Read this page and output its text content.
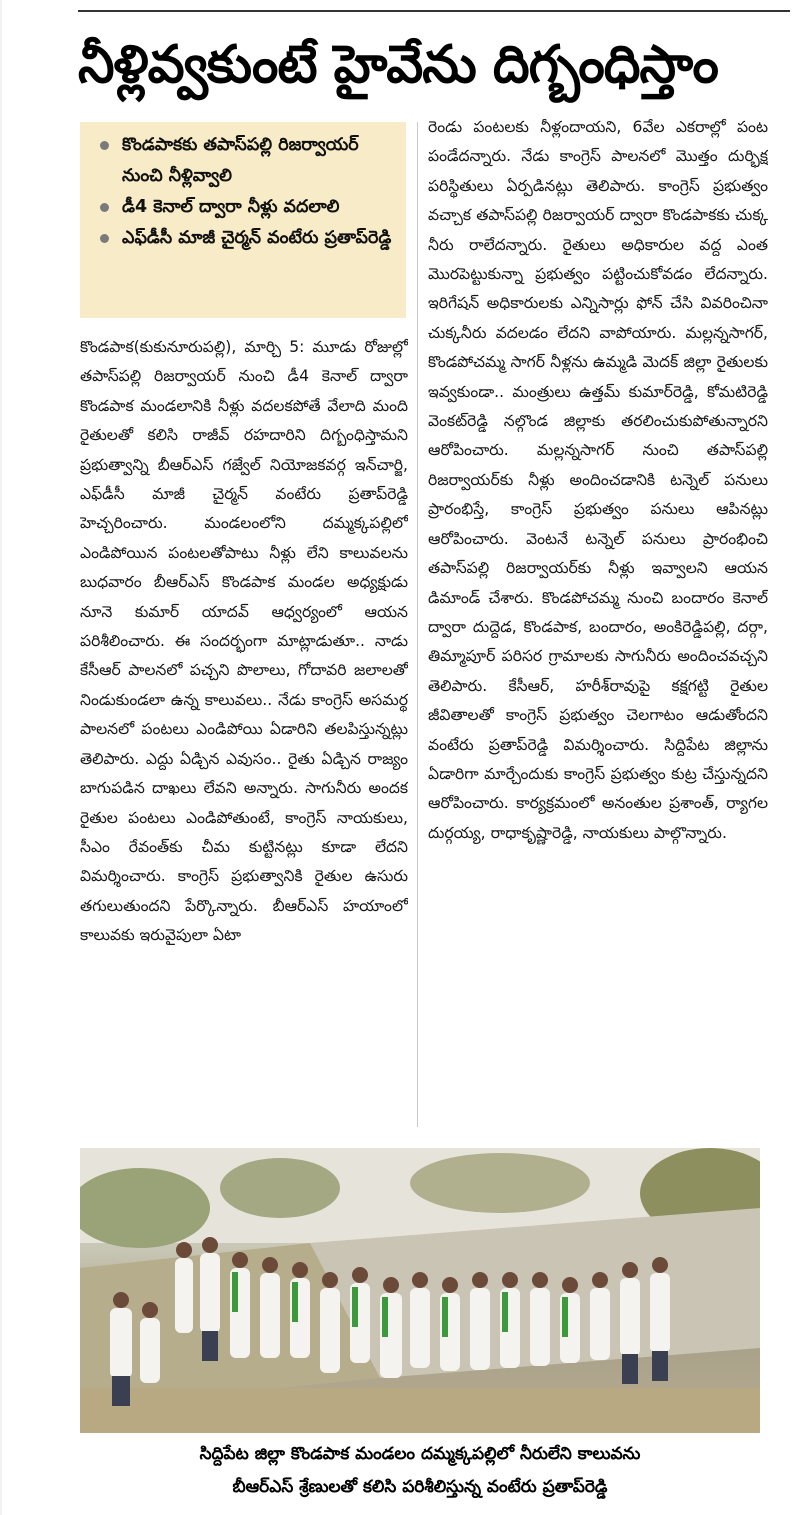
నీళ్లివ్వకుంటే హైవేను దిగ్బంధిస్తాం
కొండపాకకు తపాస్‌పల్లి రిజర్వాయర్ నుంచి నీళ్లివ్వాలి
డీ4 కెనాల్ ద్వారా నీళ్లు వదలాలి
ఎఫ్‌డీసీ మాజీ చైర్మన్ వంటేరు ప్రతాప్‌రెడ్డి
కొండపాక(కుకునూరుపల్లి), మార్చి 5: మూడు రోజుల్లో తపాస్‌పల్లి రిజర్వాయర్ నుంచి డీ4 కెనాల్ ద్వారా కొండపాక మండలానికి నీళ్లు వదలకపోతే వేలాది మంది రైతులతో కలిసి రాజీవ్ రహదారిని దిగ్బంధిస్తామని ప్రభుత్వాన్ని బీఆర్ఎస్ గజ్వేల్ నియోజకవర్గ ఇన్‌చార్జి, ఎఫ్‌డీసీ మాజీ చైర్మన్ వంటేరు ప్రతాప్‌రెడ్డి హెచ్చరించారు. మండలంలోని దమ్మక్కపల్లిలో ఎండిపోయిన పంటలతోపాటు నీళ్లు లేని కాలువలను బుధవారం బీఆర్ఎస్ కొండపాక మండల అధ్యక్షుడు నూనె కుమార్ యాదవ్ ఆధ్వర్యంలో ఆయన పరిశీలించారు. ఈ సందర్భంగా మాట్లాడుతూ.. నాడు కేసీఆర్ పాలనలో పచ్చని పొలాలు, గోదావరి జలాలతో నిండుకుండలా ఉన్న కాలువలు.. నేడు కాంగ్రెస్ అసమర్థ పాలనలో పంటలు ఎండిపోయి ఏడారిని తలపిస్తున్నట్లు తెలిపారు. ఎద్దు ఏడ్చిన ఎవుసం.. రైతు ఏడ్చిన రాజ్యం బాగుపడిన దాఖలు లేవని అన్నారు. సాగునీరు అందక రైతుల పంటలు ఎండిపోతుంటే, కాంగ్రెస్ నాయకులు, సీఎం రేవంత్‌కు చీమ కుట్టినట్లు కూడా లేదని విమర్శించారు. కాంగ్రెస్ ప్రభుత్వానికి రైతుల ఉసురు తగులుతుందని పేర్కొన్నారు. బీఆర్ఎస్ హయాంలో కాలువకు ఇరువైపులా ఏటా
రెండు పంటలకు నీళ్లందాయని, 6వేల ఎకరాల్లో పంట పండేదన్నారు. నేడు కాంగ్రెస్ పాలనలో మొత్తం దుర్భిక్ష పరిస్థితులు ఏర్పడినట్లు తెలిపారు. కాంగ్రెస్ ప్రభుత్వం వచ్చాక తపాస్‌పల్లి రిజర్వాయర్ ద్వారా కొండపాకకు చుక్క నీరు రాలేదన్నారు. రైతులు అధికారుల వద్ద ఎంత మొరపెట్టుకున్నా ప్రభుత్వం పట్టించుకోవడం లేదన్నారు. ఇరిగేషన్ అధికారులకు ఎన్నిసార్లు ఫోన్ చేసి వివరించినా చుక్కనీరు వదలడం లేదని వాపోయారు. మల్లన్నసాగర్, కొండపోచమ్మ సాగర్ నీళ్లను ఉమ్మడి మెదక్ జిల్లా రైతులకు ఇవ్వకుండా.. మంత్రులు ఉత్తమ్ కుమార్‌రెడ్డి, కోమటిరెడ్డి వెంకట్‌రెడ్డి నల్గొండ జిల్లాకు తరలించుకుపోతున్నారని ఆరోపించారు. మల్లన్నసాగర్ నుంచి తపాస్‌పల్లి రిజర్వాయర్‌కు నీళ్లు అందించడానికి టన్నెల్ పనులు ప్రారంభిస్తే, కాంగ్రెస్ ప్రభుత్వం పనులు ఆపినట్లు ఆరోపించారు. వెంటనే టన్నెల్ పనులు ప్రారంభించి తపాస్‌పల్లి రిజర్వాయర్‌కు నీళ్లు ఇవ్వాలని ఆయన డిమాండ్ చేశారు. కొండపోచమ్మ నుంచి బందారం కెనాల్ ద్వారా దుద్దెడ, కొండపాక, బందారం, అంకిరెడ్డిపల్లి, దర్గా, తిమ్మాపూర్ పరిసర గ్రామాలకు సాగునీరు అందించవచ్చని తెలిపారు. కేసీఆర్, హరీశ్‌రావుపై కక్షగట్టి రైతుల జీవితాలతో కాంగ్రెస్ ప్రభుత్వం చెలగాటం ఆడుతోందని వంటేరు ప్రతాప్‌రెడ్డి విమర్శించారు. సిద్దిపేట జిల్లాను ఏడారిగా మార్చేందుకు కాంగ్రెస్ ప్రభుత్వం కుట్ర చేస్తున్నదని ఆరోపించారు. కార్యక్రమంలో అనంతుల ప్రశాంత్, ర్యాగల దుర్గయ్య, రాధాకృష్ణారెడ్డి, నాయకులు పాల్గొన్నారు.
సిద్దిపేట జిల్లా కొండపాక మండలం దమ్మక్కపల్లిలో నీరులేని కాలువను
బీఆర్ఎస్ శ్రేణులతో కలిసి పరిశీలిస్తున్న వంటేరు ప్రతాప్‌రెడ్డి
